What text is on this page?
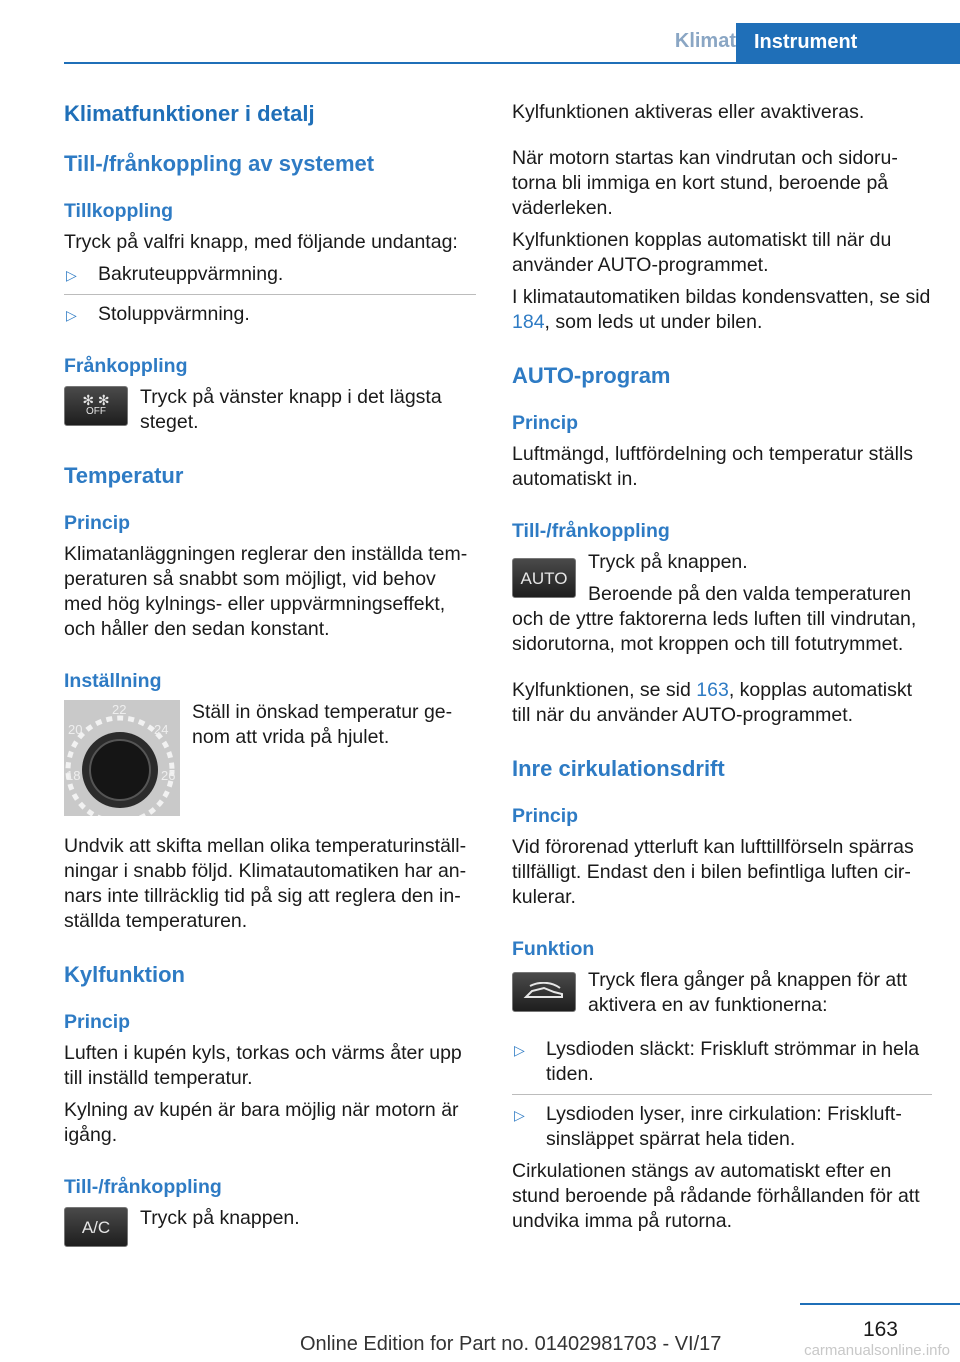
Klimat Instrument
Klimatfunktioner i detalj
Till-/frånkoppling av systemet
Tillkoppling

Tryck på valfri knapp, med följande undantag:

▷ Bakruteuppvärmning.
▷ Stoluppvärmning.
Frånkoppling
✻ ✻
OFF

Tryck på vänster knapp i det lägsta steget.

Temperatur
Princip

Klimatanläggningen reglerar den inställda temperaturen så snabbt som möjligt, vid behov med hög kylnings- eller uppvärmningseffekt, och håller den sedan konstant.

Inställning
20
22
24
18	26

Ställ in önskad temperatur genom att vrida på hjulet.

Undvik att skifta mellan olika temperaturinställningar i snabb följd. Klimatautomatiken har annars inte tillräcklig tid på sig att reglera den inställda temperaturen.

Kylfunktion
Princip

Luften i kupén kyls, torkas och värms åter upp till inställd temperatur.

Kylning av kupén är bara möjlig när motorn är igång.

Till-/frånkoppling
A/C	Tryck på knappen.

Kylfunktionen aktiveras eller avaktiveras.

När motorn startas kan vindrutan och sidorutorna bli immiga en kort stund, beroende på väderleken.

Kylfunktionen kopplas automatiskt till när du använder AUTO-programmet.

I klimatautomatiken bildas kondensvatten, se sid 184, som leds ut under bilen.

AUTO-program
Princip

Luftmängd, luftfördelning och temperatur ställs automatiskt in.

Till-/frånkoppling
AUTO

Tryck på knappen.

Beroende på den valda temperaturen och de yttre faktorerna leds luften till vindrutan, sidorutorna, mot kroppen och till fotutrymmet.

Kylfunktionen, se sid 163, kopplas automatiskt till när du använder AUTO-programmet.

Inre cirkulationsdrift
Princip

Vid förorenad ytterluft kan lufttillförseln spärras tillfälligt. Endast den i bilen befintliga luften cirkulerar.

Funktion

Tryck flera gånger på knappen för att aktivera en av funktionerna:

▷ Lysdioden släckt: Friskluft strömmar in hela tiden.
▷ Lysdioden lyser, inre cirkulation: Friskluftsinsläppet spärrat hela tiden.

Cirkulationen stängs av automatiskt efter en stund beroende på rådande förhållanden för att undvika imma på rutorna.

163
Online Edition for Part no. 01402981703 - VI/17	carmanualsonline.info
